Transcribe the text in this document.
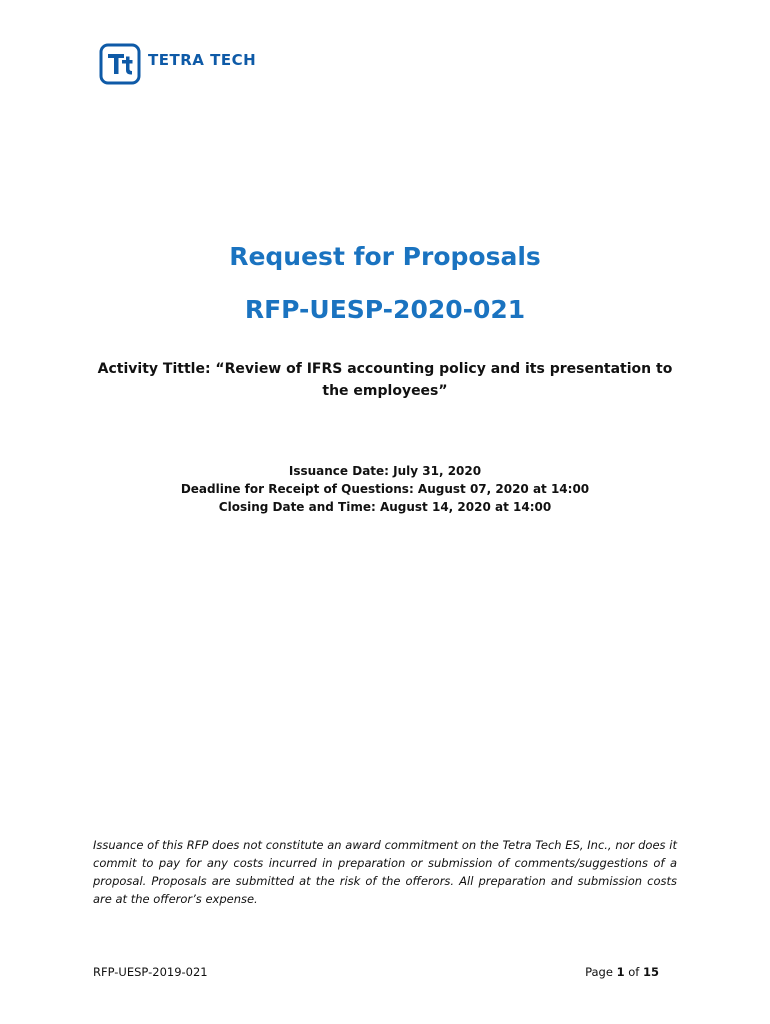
TETRA TECH
Request for Proposals
RFP-UESP-2020-021
Activity Tittle: “Review of IFRS accounting policy and its presentation to the employees”
Issuance Date: July 31, 2020
Deadline for Receipt of Questions: August 07, 2020 at 14:00
Closing Date and Time: August 14, 2020 at 14:00
Issuance of this RFP does not constitute an award commitment on the Tetra Tech ES, Inc., nor does it commit to pay for any costs incurred in preparation or submission of comments/suggestions of a proposal. Proposals are submitted at the risk of the offerors. All preparation and submission costs are at the offeror’s expense.
RFP-UESP-2019-021	Page 1 of 15
